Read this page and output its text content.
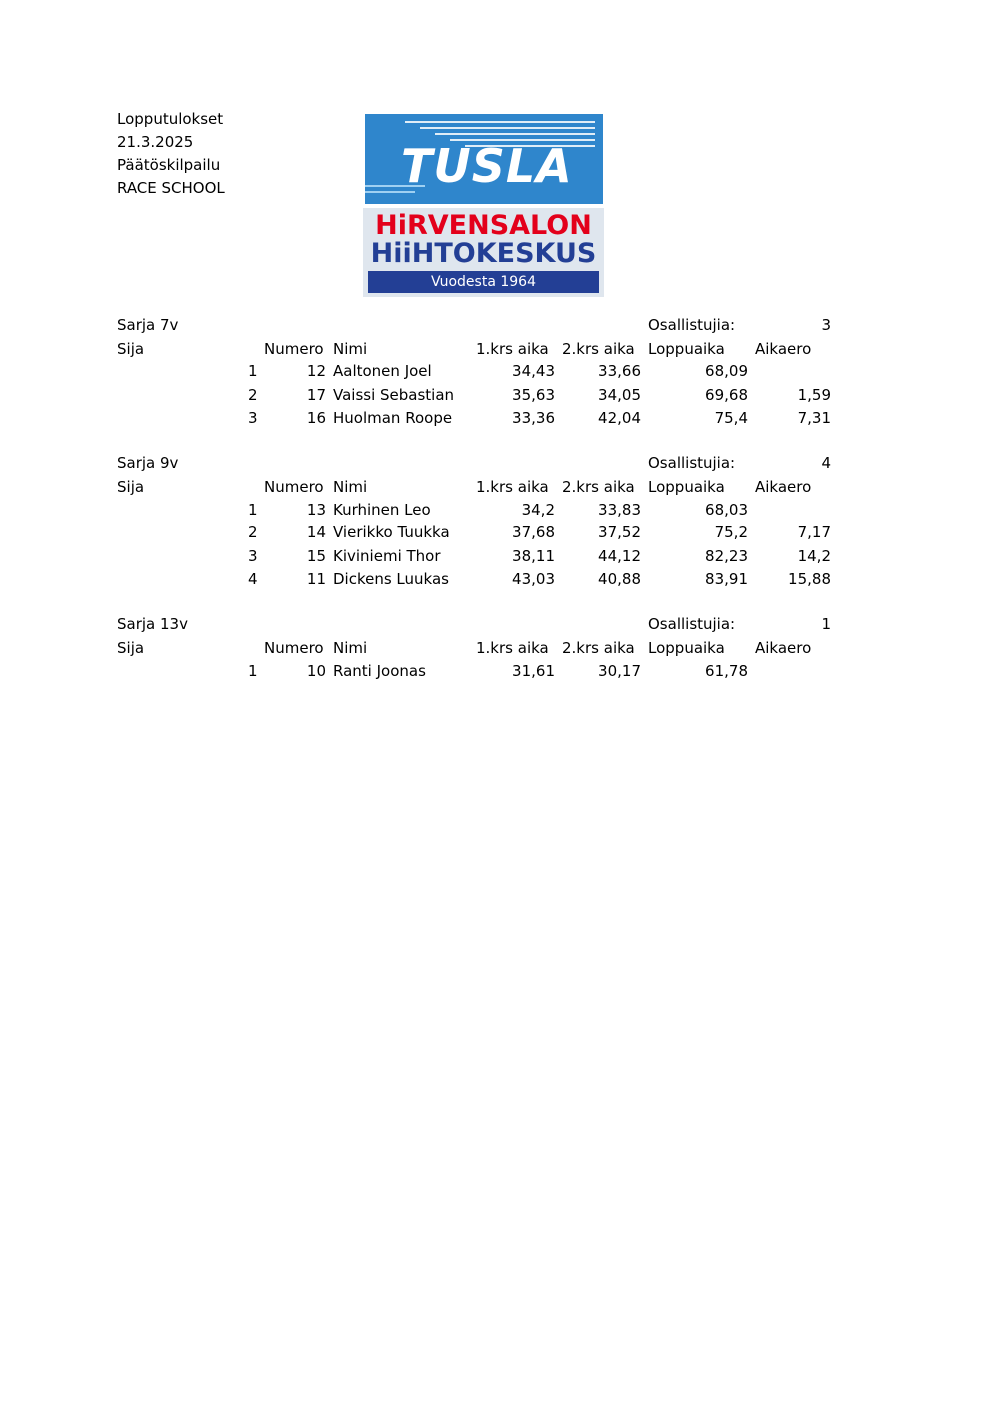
Lopputulokset
21.3.2025
Päätöskilpailu
RACE SCHOOL	TUSLA
HiRVENSALON
HiiHTOKESKUS
Vuodesta 1964
Sarja 7v	Osallistujia:	3
Sija	Numero Nimi	1.krs aika 2.krs aika Loppuaika Aikaero
1	12 Aaltonen Joel	34,43	33,66	68,09
2	17 Vaissi Sebastian	35,63	34,05	69,68	1,59
3	16 Huolman Roope	33,36	42,04	75,4	7,31
Sarja 9v	Osallistujia:	4
Sija	Numero Nimi	1.krs aika 2.krs aika Loppuaika Aikaero
1	13 Kurhinen Leo	34,2	33,83	68,03
2	14 Vierikko Tuukka	37,68	37,52	75,2	7,17
3	15 Kiviniemi Thor	38,11	44,12	82,23	14,2
4	11 Dickens Luukas	43,03	40,88	83,91	15,88
Sarja 13v	Osallistujia:	1
Sija	Numero Nimi	1.krs aika 2.krs aika Loppuaika Aikaero
1	10 Ranti Joonas	31,61	30,17	61,78
